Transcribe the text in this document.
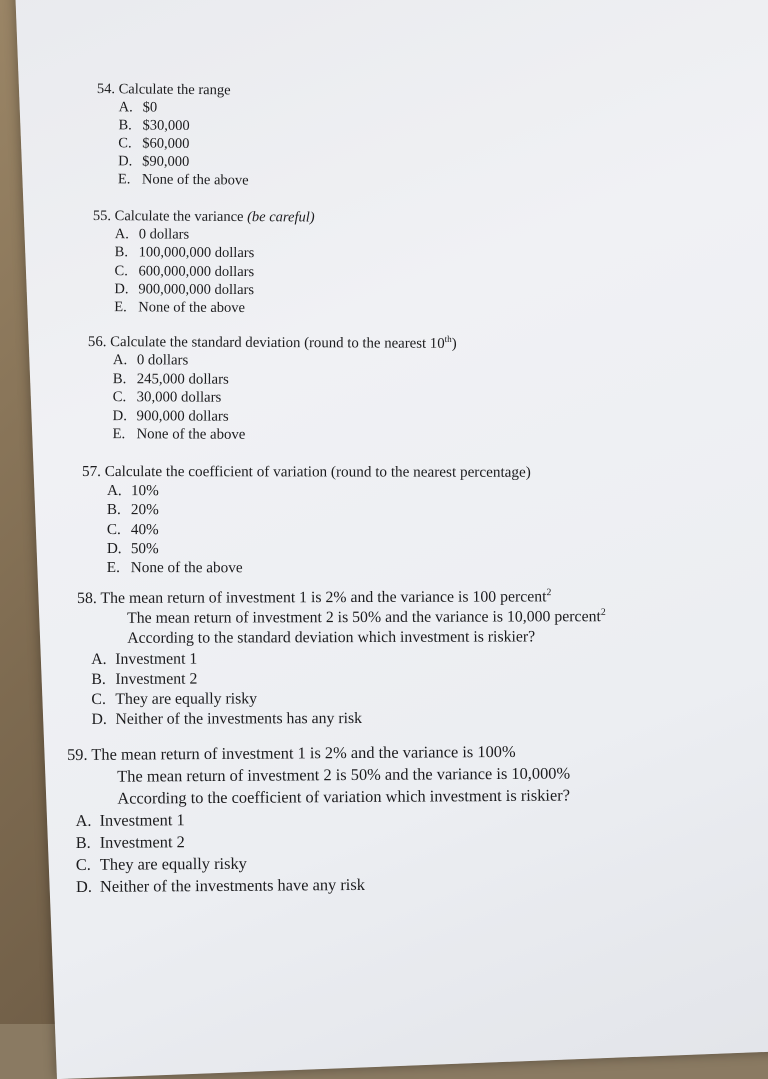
54. Calculate the range
A. $0
B. $30,000
C. $60,000
D. $90,000
E. None of the above
55. Calculate the variance (be careful)
A. 0 dollars
B. 100,000,000 dollars
C. 600,000,000 dollars
D. 900,000,000 dollars
E. None of the above
56. Calculate the standard deviation (round to the nearest 10th)
A. 0 dollars
B. 245,000 dollars
C. 30,000 dollars
D. 900,000 dollars
E. None of the above
57. Calculate the coefficient of variation (round to the nearest percentage)
A. 10%
B. 20%
C. 40%
D. 50%
E. None of the above
58. The mean return of investment 1 is 2% and the variance is 100 percent$^2$
The mean return of investment 2 is 50% and the variance is 10,000 percent$^2$
According to the standard deviation which investment is riskier?
A. Investment 1
B. Investment 2
C. They are equally risky
D. Neither of the investments has any risk
59. The mean return of investment 1 is 2% and the variance is 100%
The mean return of investment 2 is 50% and the variance is 10,000%
According to the coefficient of variation which investment is riskier?
A. Investment 1
B. Investment 2
C. They are equally risky
D. Neither of the investments have any risk
